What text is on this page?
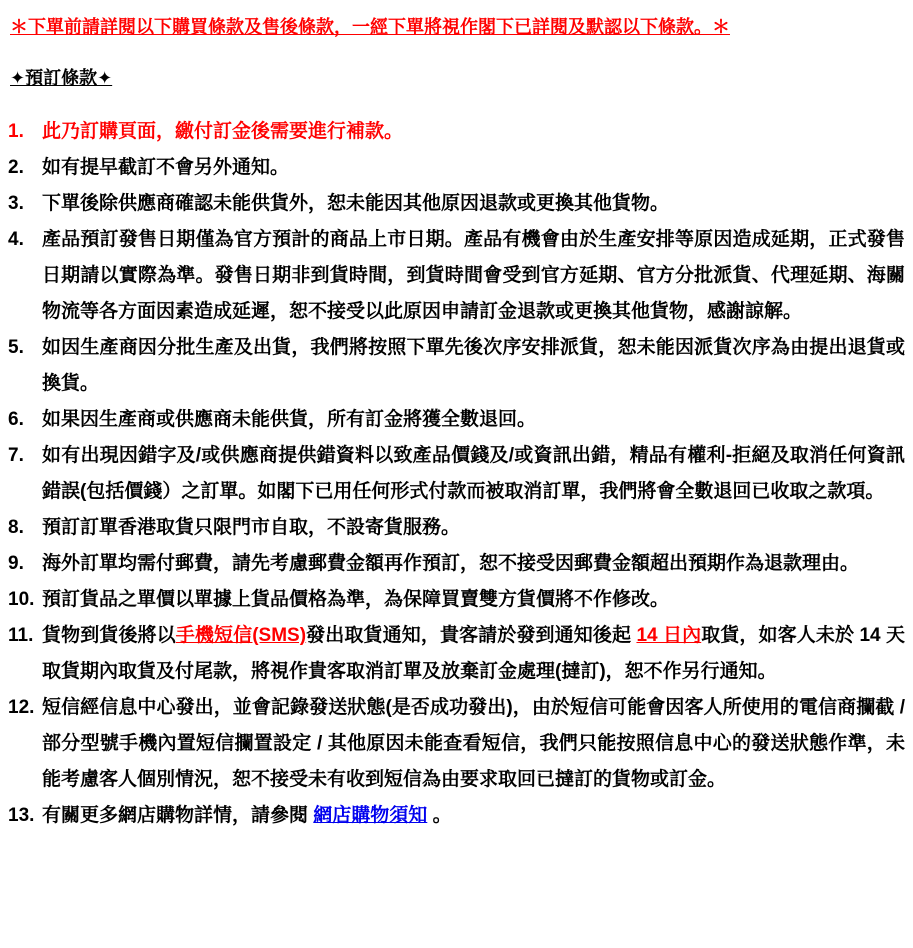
＊下單前請詳閱以下購買條款及售後條款，一經下單將視作閣下已詳閱及默認以下條款。＊
✦預訂條款✦
1. 此乃訂購頁面，繳付訂金後需要進行補款。
2. 如有提早截訂不會另外通知。
3. 下單後除供應商確認未能供貨外，恕未能因其他原因退款或更換其他貨物。
4. 產品預訂發售日期僅為官方預計的商品上市日期。產品有機會由於生產安排等原因造成延期，正式發售日期請以實際為準。發售日期非到貨時間，到貨時間會受到官方延期、官方分批派貨、代理延期、海關物流等各方面因素造成延遲，恕不接受以此原因申請訂金退款或更換其他貨物，感謝諒解。
5. 如因生產商因分批生產及出貨，我們將按照下單先後次序安排派貨，恕未能因派貨次序為由提出退貨或換貨。
6. 如果因生產商或供應商未能供貨，所有訂金將獲全數退回。
7. 如有出現因錯字及/或供應商提供錯資料以致產品價錢及/或資訊出錯，精品有權利-拒絕及取消任何資訊錯誤(包括價錢）之訂單。如閣下已用任何形式付款而被取消訂單，我們將會全數退回已收取之款項。
8. 預訂訂單香港取貨只限門市自取，不設寄貨服務。
9. 海外訂單均需付郵費，請先考慮郵費金額再作預訂，恕不接受因郵費金額超出預期作為退款理由。
10. 預訂貨品之單價以單據上貨品價格為準，為保障買賣雙方貨價將不作修改。
11. 貨物到貨後將以手機短信(SMS)發出取貨通知，貴客請於發到通知後起 14 日內取貨，如客人未於 14 天取貨期內取貨及付尾款，將視作貴客取消訂單及放棄訂金處理(撻訂)，恕不作另行通知。
12. 短信經信息中心發出，並會記錄發送狀態(是否成功發出)，由於短信可能會因客人所使用的電信商攔截 / 部分型號手機內置短信攔置設定 / 其他原因未能查看短信，我們只能按照信息中心的發送狀態作準，未能考慮客人個別情況，恕不接受未有收到短信為由要求取回已撻訂的貨物或訂金。
13. 有關更多網店購物詳情，請參閱 網店購物須知 。
